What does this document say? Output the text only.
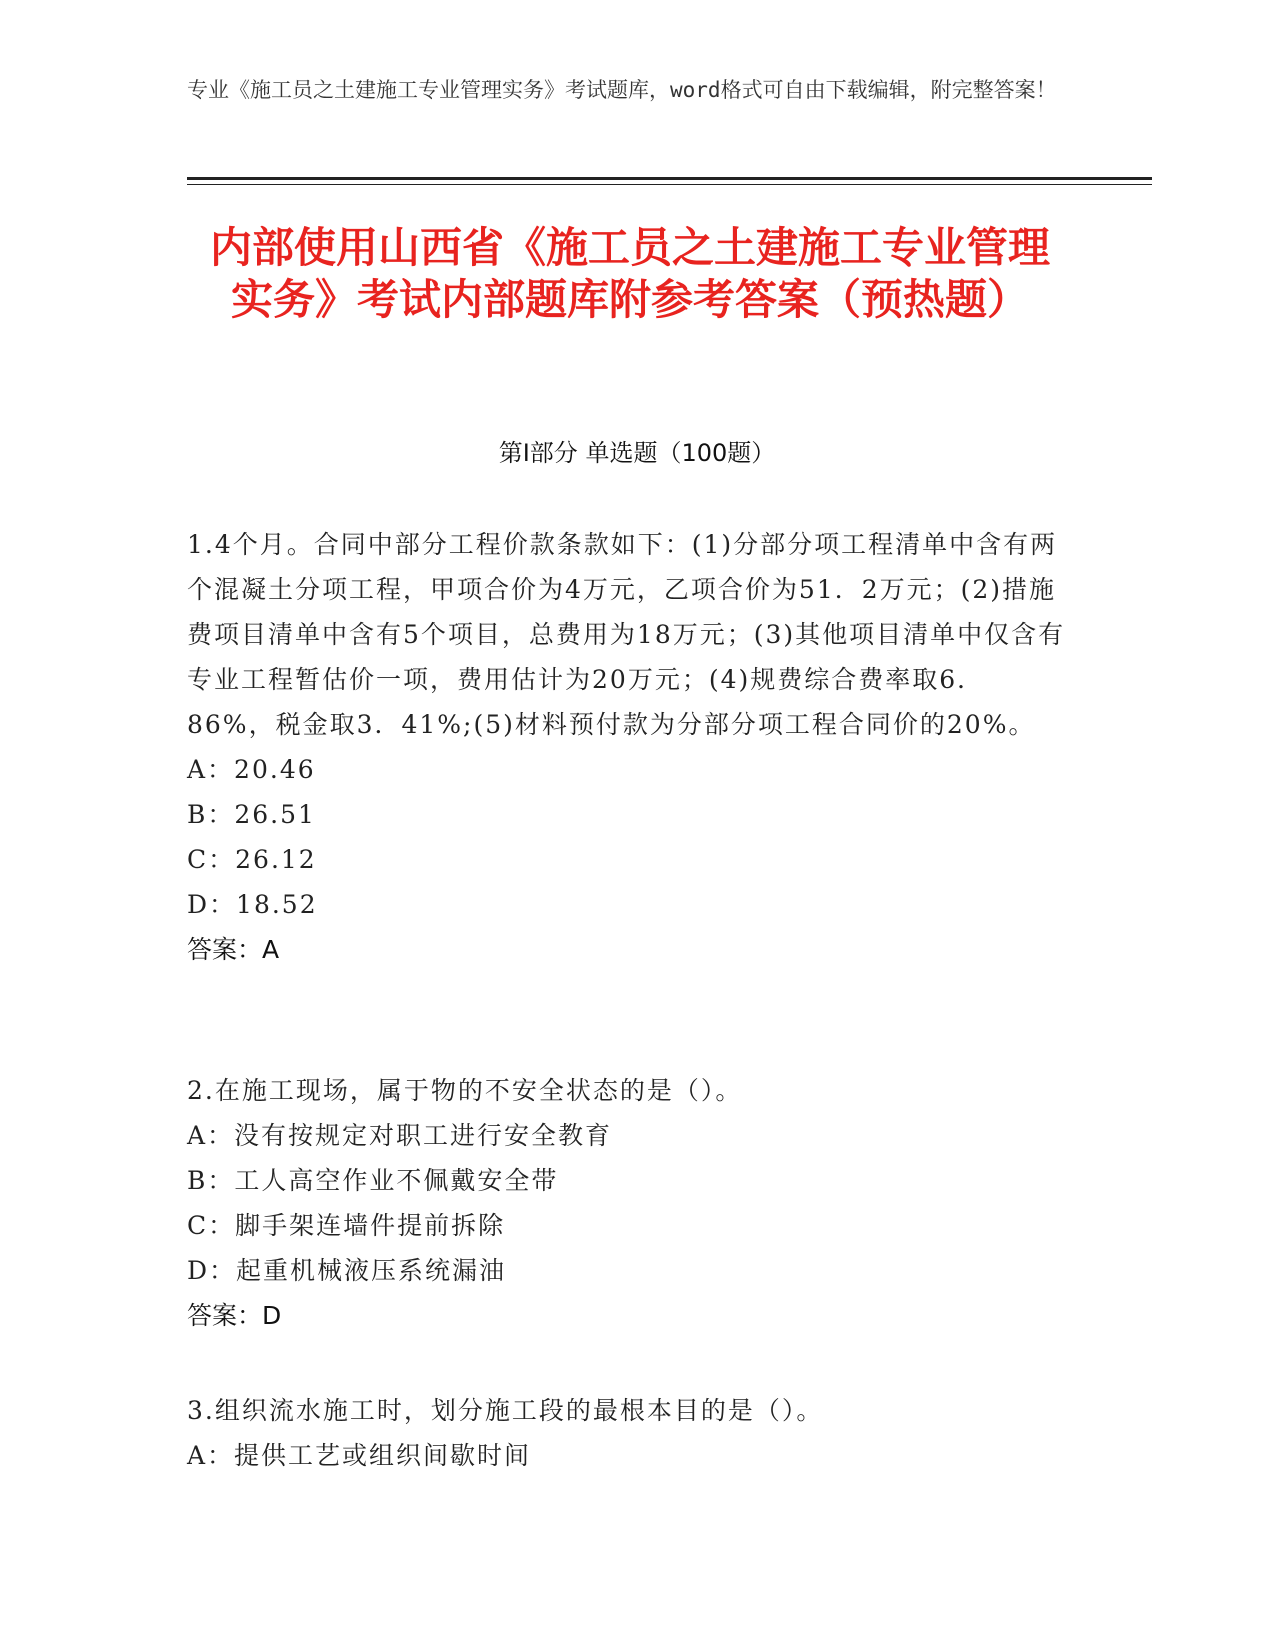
专业《施工员之土建施工专业管理实务》考试题库，word格式可自由下载编辑，附完整答案！
内部使用山西省《施工员之土建施工专业管理实务》考试内部题库附参考答案（预热题）
第I部分 单选题（100题）

1.4个月。合同中部分工程价款条款如下：(1)分部分项工程清单中含有两个混凝土分项工程，甲项合价为4万元，乙项合价为51．2万元；(2)措施费项目清单中含有5个项目，总费用为18万元；(3)其他项目清单中仅含有专业工程暂估价一项，费用估计为20万元；(4)规费综合费率取6．86%，税金取3．41%;(5)材料预付款为分部分项工程合同价的20%。

A：20.46

B：26.51

C：26.12

D：18.52

答案：A

2.在施工现场，属于物的不安全状态的是（）。

A：没有按规定对职工进行安全教育

B：工人高空作业不佩戴安全带

C：脚手架连墙件提前拆除

D：起重机械液压系统漏油

答案：D

3.组织流水施工时，划分施工段的最根本目的是（）。

A：提供工艺或组织间歇时间
